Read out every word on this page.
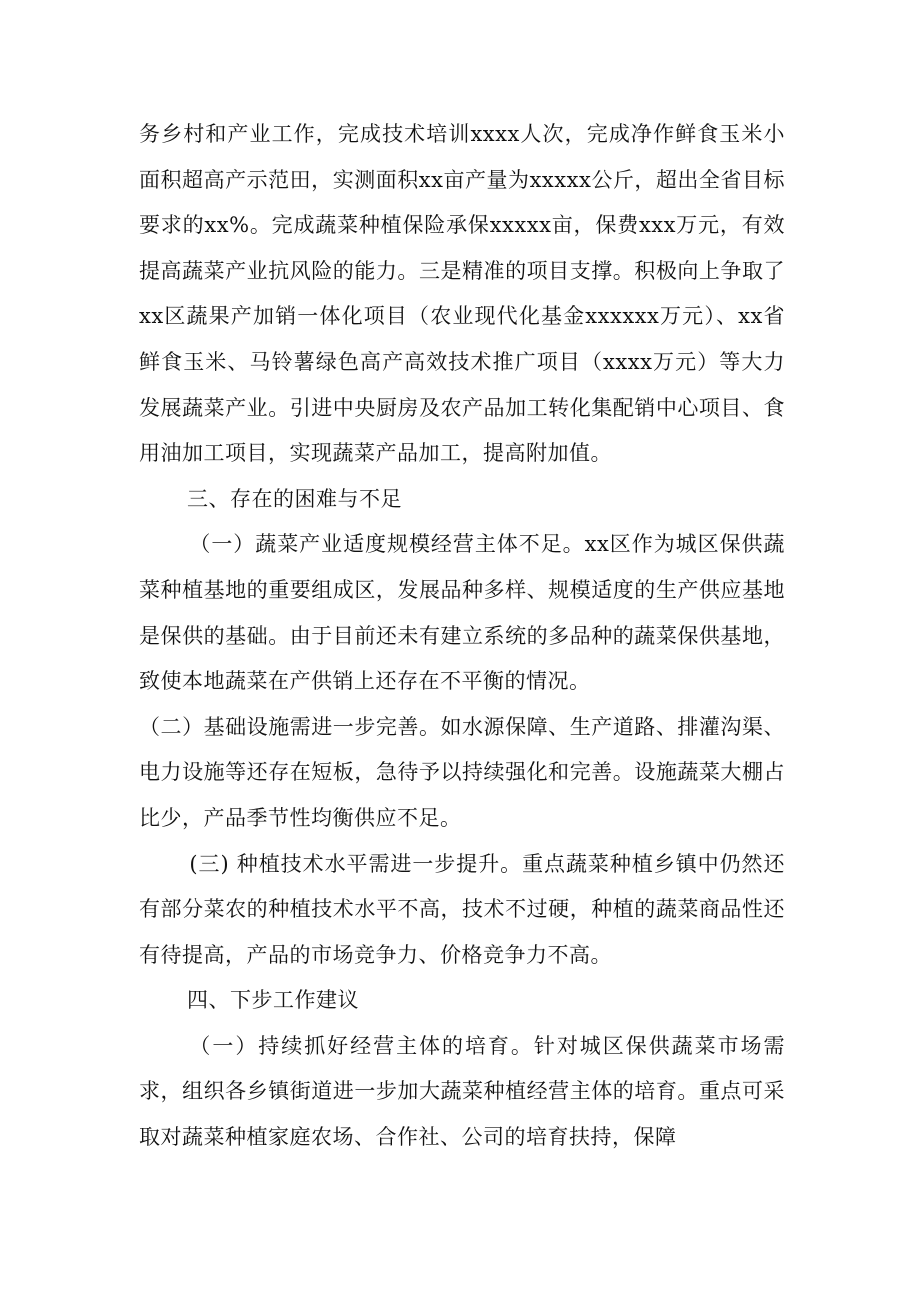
务乡村和产业工作，完成技术培训xxxx人次，完成净作鲜食玉米小面积超高产示范田，实测面积xx亩产量为xxxxx公斤，超出全省目标要求的xx%。完成蔬菜种植保险承保xxxxx亩，保费xxx万元，有效提高蔬菜产业抗风险的能力。三是精准的项目支撑。积极向上争取了xx区蔬果产加销一体化项目（农业现代化基金xxxxxx万元）、xx省鲜食玉米、马铃薯绿色高产高效技术推广项目（xxxx万元）等大力发展蔬菜产业。引进中央厨房及农产品加工转化集配销中心项目、食用油加工项目，实现蔬菜产品加工，提高附加值。

三、存在的困难与不足

（一）蔬菜产业适度规模经营主体不足。xx区作为城区保供蔬菜种植基地的重要组成区，发展品种多样、规模适度的生产供应基地是保供的基础。由于目前还未有建立系统的多品种的蔬菜保供基地，致使本地蔬菜在产供销上还存在不平衡的情况。

（二）基础设施需进一步完善。如水源保障、生产道路、排灌沟渠、电力设施等还存在短板，急待予以持续强化和完善。设施蔬菜大棚占比少，产品季节性均衡供应不足。

(三) 种植技术水平需进一步提升。重点蔬菜种植乡镇中仍然还有部分菜农的种植技术水平不高，技术不过硬，种植的蔬菜商品性还有待提高，产品的市场竞争力、价格竞争力不高。

四、下步工作建议

（一）持续抓好经营主体的培育。针对城区保供蔬菜市场需求，组织各乡镇街道进一步加大蔬菜种植经营主体的培育。重点可采取对蔬菜种植家庭农场、合作社、公司的培育扶持，保障
